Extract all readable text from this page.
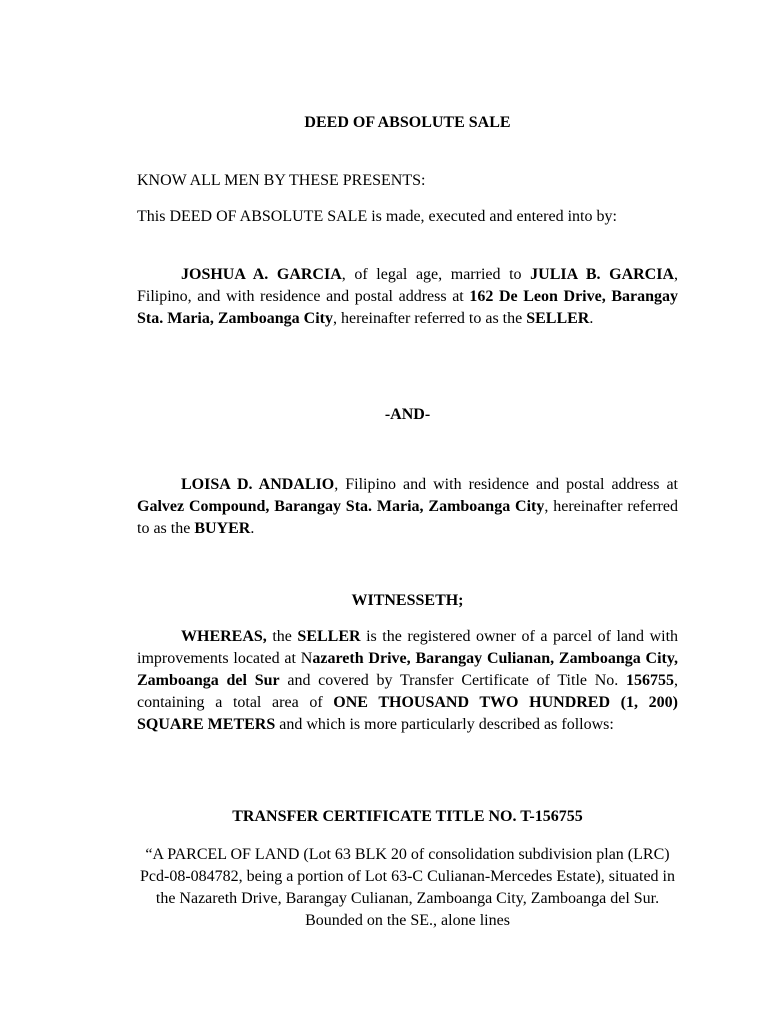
DEED OF ABSOLUTE SALE

KNOW ALL MEN BY THESE PRESENTS:

This DEED OF ABSOLUTE SALE is made, executed and entered into by:

JOSHUA A. GARCIA, of legal age, married to JULIA B. GARCIA, Filipino, and with residence and postal address at 162 De Leon Drive, Barangay Sta. Maria, Zamboanga City, hereinafter referred to as the SELLER.

-AND-

LOISA D. ANDALIO, Filipino and with residence and postal address at Galvez Compound, Barangay Sta. Maria, Zamboanga City, hereinafter referred to as the BUYER.

WITNESSETH;

WHEREAS, the SELLER is the registered owner of a parcel of land with improvements located at Nazareth Drive, Barangay Culianan, Zamboanga City, Zamboanga del Sur and covered by Transfer Certificate of Title No. 156755, containing a total area of ONE THOUSAND TWO HUNDRED (1, 200) SQUARE METERS and which is more particularly described as follows:

TRANSFER CERTIFICATE TITLE NO. T-156755

“A PARCEL OF LAND (Lot 63 BLK 20 of consolidation subdivision plan (LRC) Pcd-08-084782, being a portion of Lot 63-C Culianan-Mercedes Estate), situated in the Nazareth Drive, Barangay Culianan, Zamboanga City, Zamboanga del Sur. Bounded on the SE., alone lines
